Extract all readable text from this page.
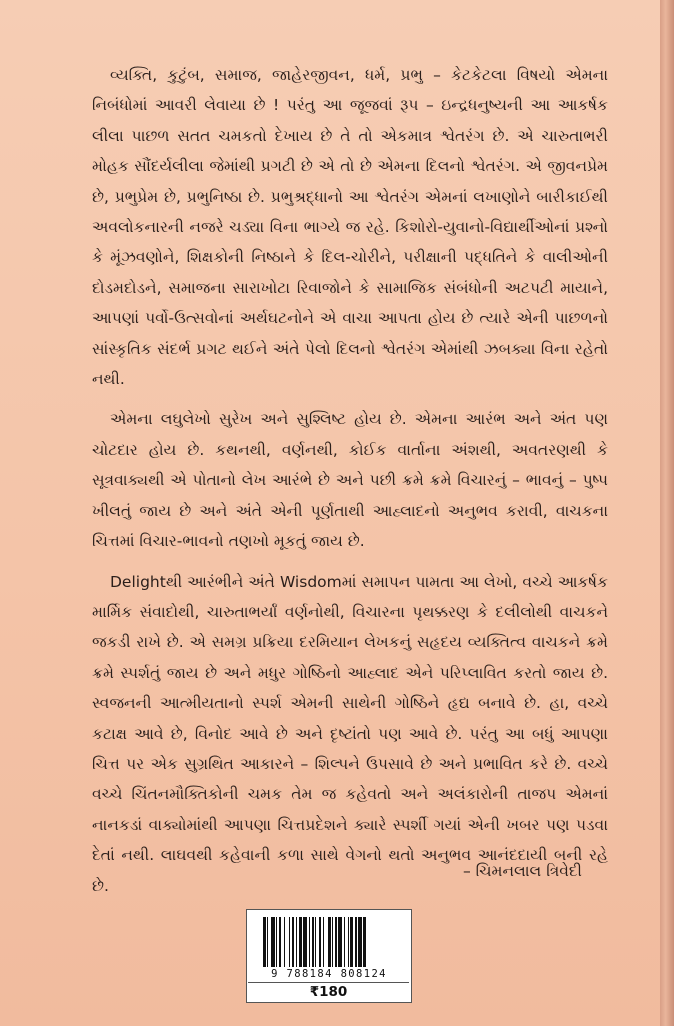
વ્યક્તિ, કુટુંબ, સમાજ, જાહેરજીવન, ધર્મ, પ્રભુ – કેટકેટલા વિષયો એમના નિબંધોમાં આવરી લેવાયા છે ! પરંતુ આ જૂજવાં રૂપ – ઇન્દ્રધનુષ્યની આ આકર્ષક લીલા પાછળ સતત ચમકતો દેખાય છે તે તો એકમાત્ર શ્વેતરંગ છે. એ ચારુતાભરી મોહક સૌંદર્યલીલા જેમાંથી પ્રગટી છે એ તો છે એમના દિલનો શ્વેતરંગ. એ જીવનપ્રેમ છે, પ્રભુપ્રેમ છે, પ્રભુનિષ્ઠા છે. પ્રભુશ્રદ્ધાનો આ શ્વેતરંગ એમનાં લખાણોને બારીકાઈથી અવલોકનારની નજરે ચડ્યા વિના ભાગ્યે જ રહે. કિશોરો-યુવાનો-વિદ્યાર્થીઓનાં પ્રશ્નો કે મૂંઝવણોને, શિક્ષકોની નિષ્ઠાને કે દિલ-ચોરીને, પરીક્ષાની પદ્ધતિને કે વાલીઓની દોડમદોડને, સમાજના સારાખોટા રિવાજોને કે સામાજિક સંબંધોની અટપટી માયાને, આપણાં પર્વો-ઉત્સવોનાં અર્થઘટનોને એ વાચા આપતા હોય છે ત્યારે એની પાછળનો સાંસ્કૃતિક સંદર્ભ પ્રગટ થઈને અંતે પેલો દિલનો શ્વેતરંગ એમાંથી ઝબક્યા વિના રહેતો નથી.

એમના લઘુલેખો સુરેખ અને સુશ્લિષ્ટ હોય છે. એમના આરંભ અને અંત પણ ચોટદાર હોય છે. કથનથી, વર્ણનથી, કોઈક વાર્તાના અંશથી, અવતરણથી કે સૂત્રવાક્યથી એ પોતાનો લેખ આરંભે છે અને પછી ક્રમે ક્રમે વિચારનું – ભાવનું – પુષ્પ ખીલતું જાય છે અને અંતે એની પૂર્ણતાથી આહ્લાદનો અનુભવ કરાવી, વાચકના ચિત્તમાં વિચાર-ભાવનો તણખો મૂકતું જાય છે.

Delightથી આરંભીને અંતે Wisdomમાં સમાપન પામતા આ લેખો, વચ્ચે આકર્ષક માર્મિક સંવાદોથી, ચારુતાભર્યાં વર્ણનોથી, વિચારના પૃથક્કરણ કે દલીલોથી વાચકને જકડી રાખે છે. એ સમગ્ર પ્રક્રિયા દરમિયાન લેખકનું સહૃદય વ્યક્તિત્વ વાચકને ક્રમે ક્રમે સ્પર્શતું જાય છે અને મધુર ગોષ્ઠિનો આહ્લાદ એને પરિપ્લાવિત કરતો જાય છે. સ્વજનની આત્મીયતાનો સ્પર્શ એમની સાથેની ગોષ્ઠિને હૃદ્ય બનાવે છે. હા, વચ્ચે કટાક્ષ આવે છે, વિનોદ આવે છે અને દૃષ્ટાંતો પણ આવે છે. પરંતુ આ બધું આપણા ચિત્ત પર એક સુગ્રથિત આકારને – શિલ્પને ઉપસાવે છે અને પ્રભાવિત કરે છે. વચ્ચે વચ્ચે ચિંતનમૌક્તિકોની ચમક તેમ જ કહેવતો અને અલંકારોની તાજપ એમનાં નાનકડાં વાક્યોમાંથી આપણા ચિત્તપ્રદેશને ક્યારે સ્પર્શી ગયાં એની ખબર પણ પડવા દેતાં નથી. લાઘવથી કહેવાની કળા સાથે વેગનો થતો અનુભવ આનંદદાયી બની રહે છે.

– ચિમનલાલ ત્રિવેદી
9 788184 808124
₹180
